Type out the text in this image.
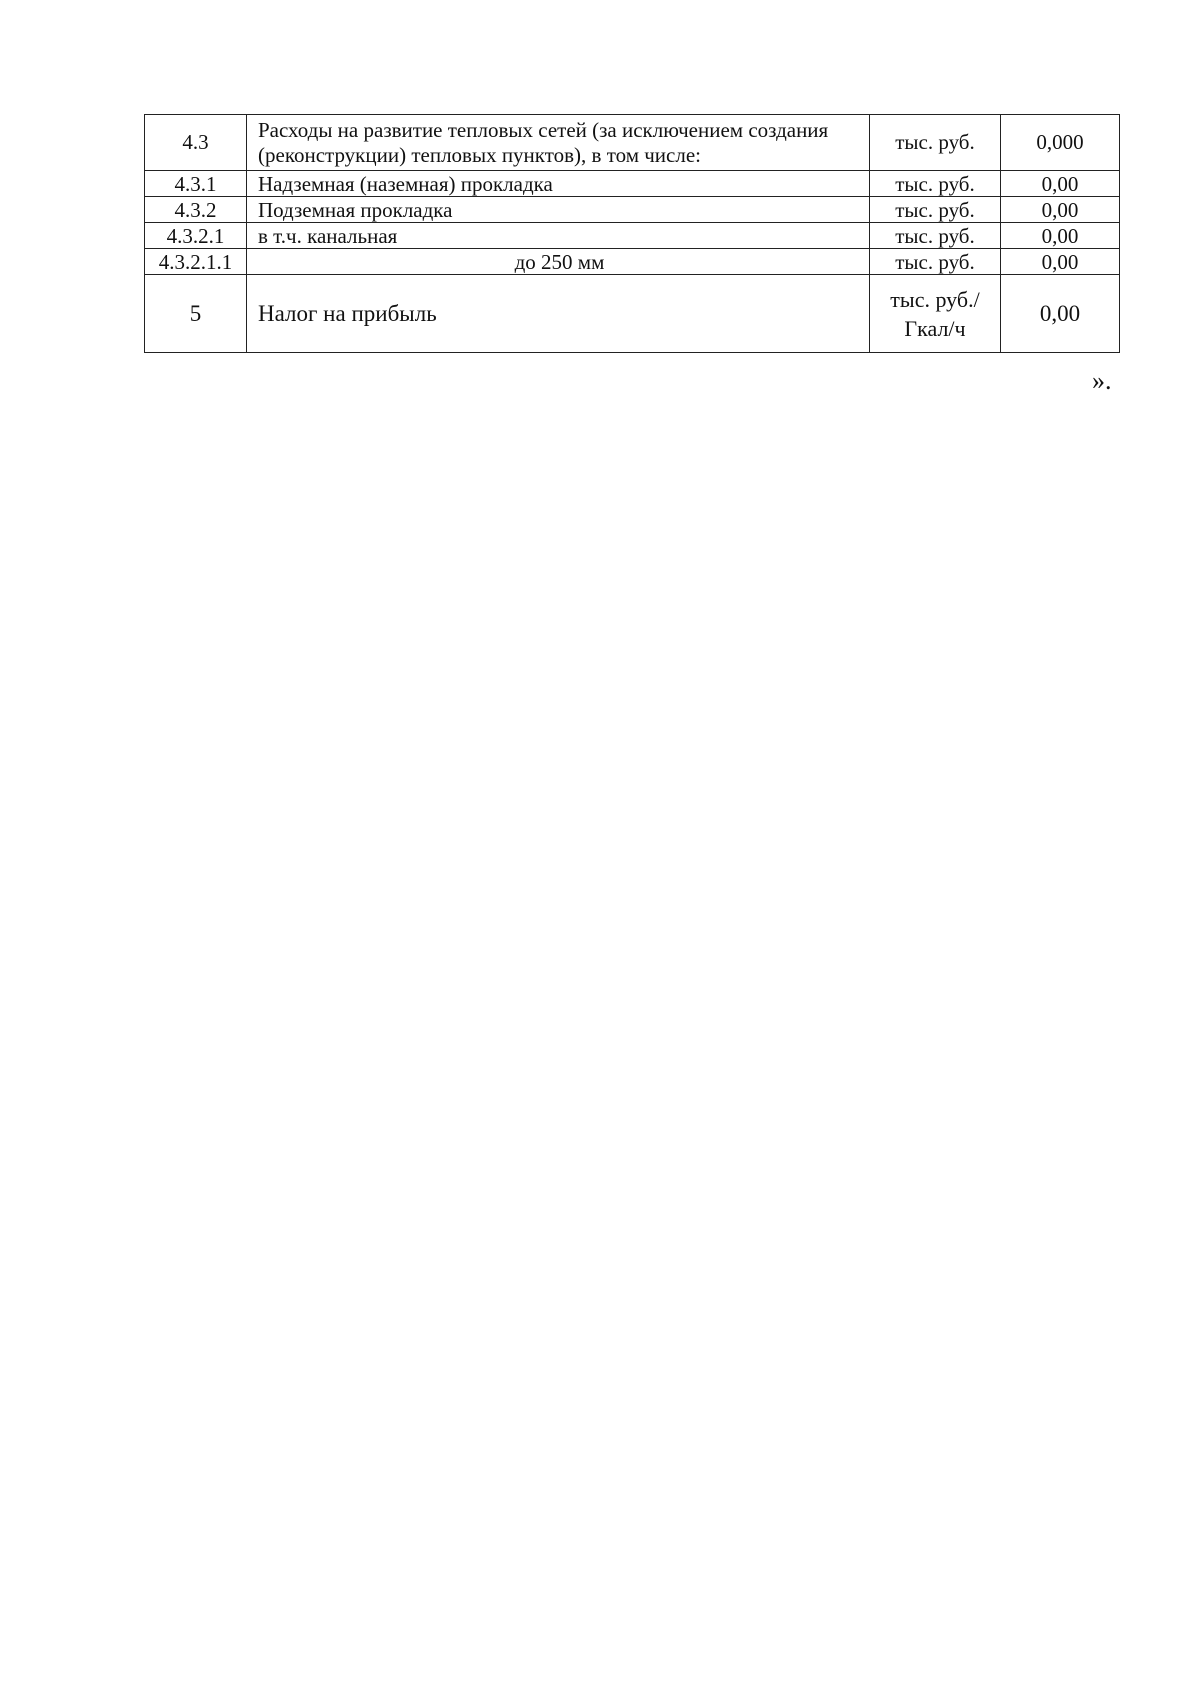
4.3	Расходы на развитие тепловых сетей (за исключением создания (реконструкции) тепловых пунктов), в том числе:	тыс. руб.	0,000
4.3.1	Надземная (наземная) прокладка	тыс. руб.	0,00
4.3.2	Подземная прокладка	тыс. руб.	0,00
4.3.2.1	в т.ч. канальная	тыс. руб.	0,00
4.3.2.1.1	до 250 мм	тыс. руб.	0,00
5	Налог на прибыль	тыс. руб./ Гкал/ч	0,00
».
